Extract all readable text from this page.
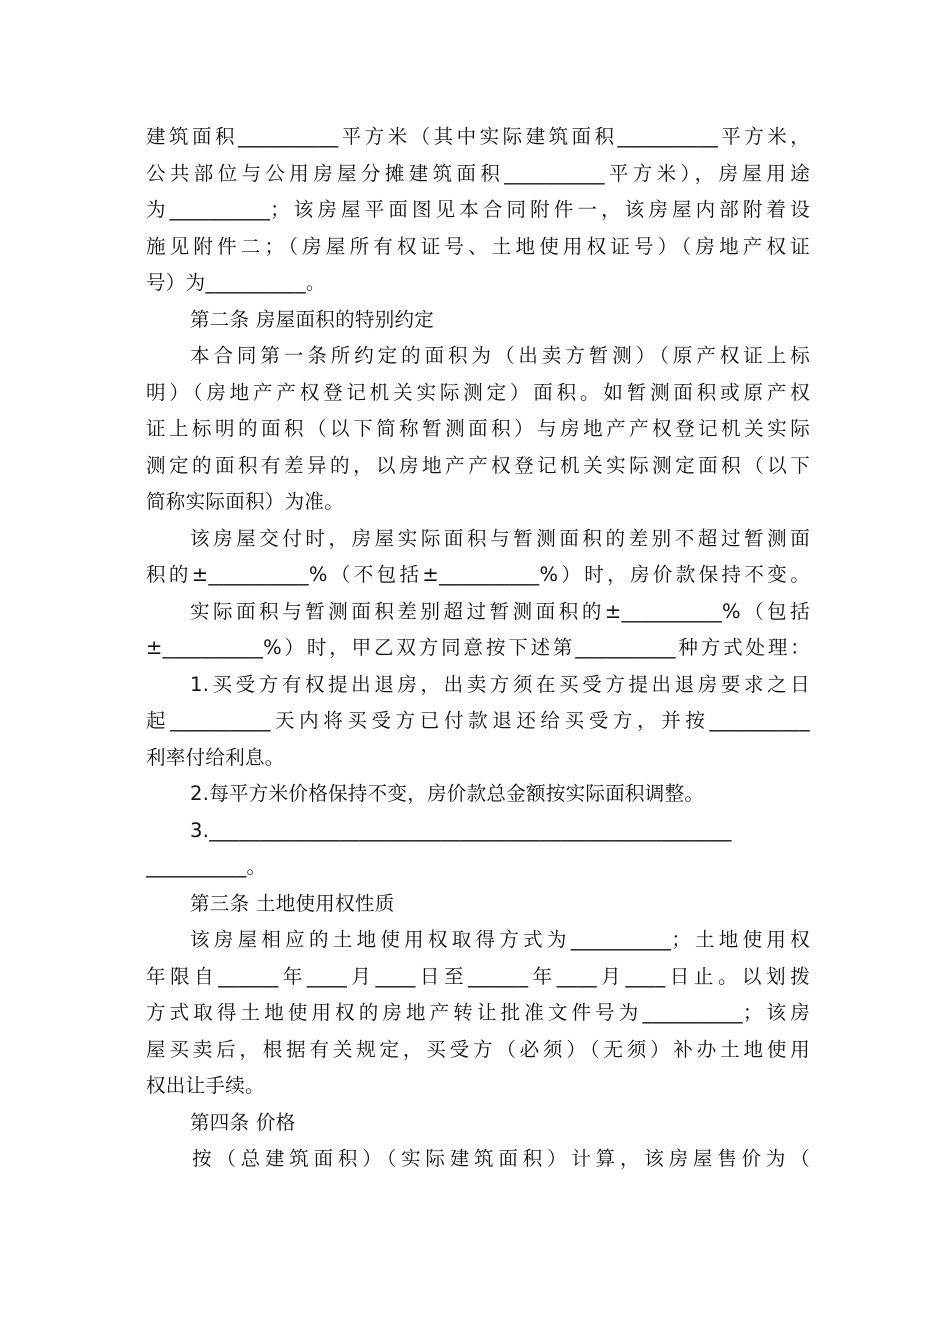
建筑面积__________平方米（其中实际建筑面积__________平方米，
公共部位与公用房屋分摊建筑面积__________平方米），房屋用途
为__________；该房屋平面图见本合同附件一，该房屋内部附着设
施见附件二；（房屋所有权证号、土地使用权证号）（房地产权证
号）为__________。
第二条 房屋面积的特别约定
本合同第一条所约定的面积为（出卖方暂测）（原产权证上标
明）（房地产产权登记机关实际测定）面积。如暂测面积或原产权
证上标明的面积（以下简称暂测面积）与房地产产权登记机关实际
测定的面积有差异的，以房地产产权登记机关实际测定面积（以下
简称实际面积）为准。
该房屋交付时，房屋实际面积与暂测面积的差别不超过暂测面
积的±__________%（不包括±__________%）时，房价款保持不变。
实际面积与暂测面积差别超过暂测面积的±__________%（包括
±__________%）时，甲乙双方同意按下述第__________种方式处理：
1.买受方有权提出退房，出卖方须在买受方提出退房要求之日
起__________天内将买受方已付款退还给买受方，并按__________
利率付给利息。
2.每平方米价格保持不变，房价款总金额按实际面积调整。
3.____________________________________________________
__________。
第三条 土地使用权性质
该房屋相应的土地使用权取得方式为__________；土地使用权
年限自______年____月____日至______年____月____日止。以划拨
方式取得土地使用权的房地产转让批准文件号为__________；该房
屋买卖后，根据有关规定，买受方（必须）（无须）补办土地使用
权出让手续。
第四条 价格
按（总建筑面积）（实际建筑面积）计算，该房屋售价为（
